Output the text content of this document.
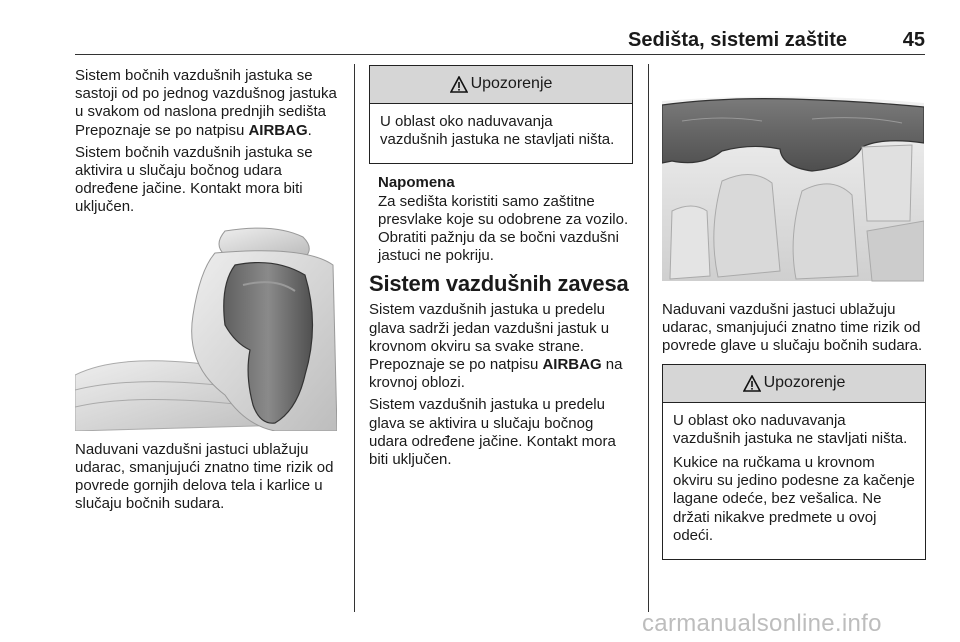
Sedišta, sistemi zaštite	45

Sistem bočnih vazdušnih jastuka se sastoji od po jednog vazdušnog jastuka u svakom od naslona prednjih sedišta Prepoznaje se po natpisu AIRBAG.

Sistem bočnih vazdušnih jastuka se aktivira u slučaju bočnog udara određene jačine. Kontakt mora biti uključen.

Naduvani vazdušni jastuci ublažuju udarac, smanjujući znatno time rizik od povrede gornjih delova tela i karlice u slučaju bočnih sudara.

Upozorenje

U oblast oko naduvavanja vazdušnih jastuka ne stavljati ništa.

Napomena

Za sedišta koristiti samo zaštitne presvlake koje su odobrene za vozilo. Obratiti pažnju da se bočni vazdušni jastuci ne pokriju.

Sistem vazdušnih zavesa

Sistem vazdušnih jastuka u predelu glava sadrži jedan vazdušni jastuk u krovnom okviru sa svake strane. Prepoznaje se po natpisu AIRBAG na krovnoj oblozi.

Sistem vazdušnih jastuka u predelu glava se aktivira u slučaju bočnog udara određene jačine. Kontakt mora biti uključen.

Naduvani vazdušni jastuci ublažuju udarac, smanjujući znatno time rizik od povrede glave u slučaju bočnih sudara.

Upozorenje

U oblast oko naduvavanja vazdušnih jastuka ne stavljati ništa.

Kukice na ručkama u krovnom okviru su jedino podesne za kačenje lagane odeće, bez vešalica. Ne držati nikakve predmete u ovoj odeći.

carmanualsonline.info
